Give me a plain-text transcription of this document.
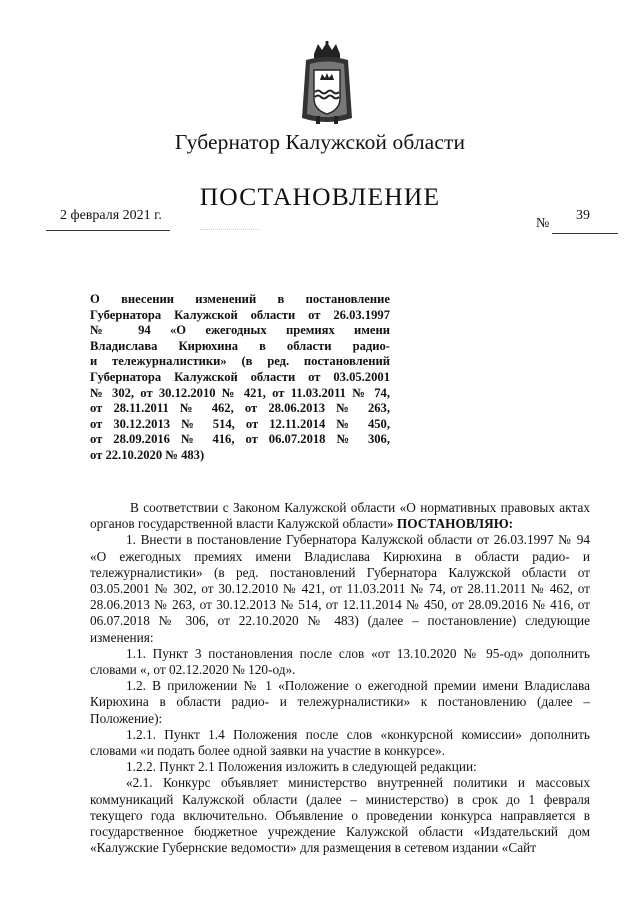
Губернатор Калужской области
ПОСТАНОВЛЕНИЕ
2 февраля 2021 г.
№
39
О внесении изменений в постановление
Губернатора Калужской области от 26.03.1997
№ 94 «О ежегодных премиях имени
Владислава Кирюхина в области радио-
и тележурналистики» (в ред. постановлений
Губернатора Калужской области от 03.05.2001
№ 302, от 30.12.2010 № 421, от 11.03.2011 № 74,
от 28.11.2011 № 462, от 28.06.2013 № 263,
от 30.12.2013 № 514, от 12.11.2014 № 450,
от 28.09.2016 № 416, от 06.07.2018 № 306,
от 22.10.2020 № 483)

В соответствии с Законом Калужской области «О нормативных правовых актах органов государственной власти Калужской области» ПОСТАНОВЛЯЮ:

1. Внести в постановление Губернатора Калужской области от 26.03.1997 № 94 «О ежегодных премиях имени Владислава Кирюхина в области радио- и тележурналистики» (в ред. постановлений Губернатора Калужской области от 03.05.2001 № 302, от 30.12.2010 № 421, от 11.03.2011 № 74, от 28.11.2011 № 462, от 28.06.2013 № 263, от 30.12.2013 № 514, от 12.11.2014 № 450, от 28.09.2016 № 416, от 06.07.2018 № 306, от 22.10.2020 № 483) (далее – постановление) следующие изменения:

1.1. Пункт 3 постановления после слов «от 13.10.2020 № 95-од» дополнить словами «, от 02.12.2020 № 120-од».

1.2. В приложении № 1 «Положение о ежегодной премии имени Владислава Кирюхина в области радио- и тележурналистики» к постановлению (далее – Положение):

1.2.1. Пункт 1.4 Положения после слов «конкурсной комиссии» дополнить словами «и подать более одной заявки на участие в конкурсе».

1.2.2. Пункт 2.1 Положения изложить в следующей редакции:

«2.1. Конкурс объявляет министерство внутренней политики и массовых коммуникаций Калужской области (далее – министерство) в срок до 1 февраля текущего года включительно. Объявление о проведении конкурса направляется в государственное бюджетное учреждение Калужской области «Издательский дом «Калужские Губернские ведомости» для размещения в сетевом издании «Сайт
